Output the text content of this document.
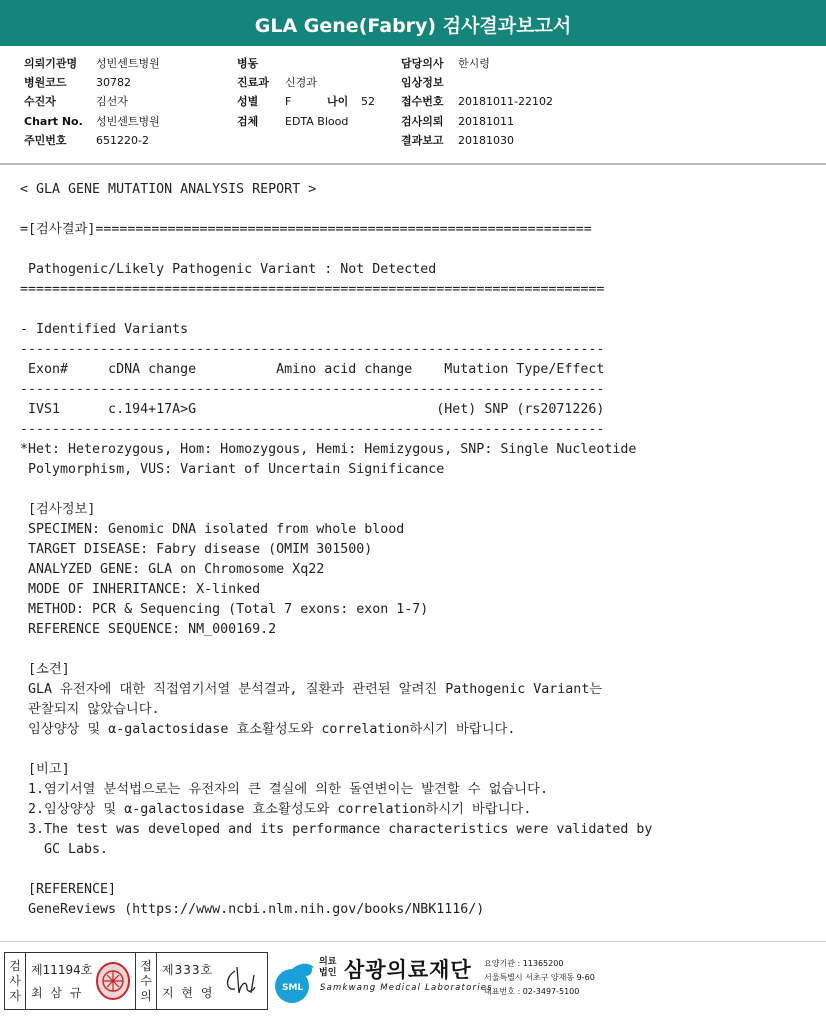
GLA Gene(Fabry) 검사결과보고서
의뢰기관명 성빈센트병원
병원코드	30782
수진자	김선자
Chart No. 성빈센트병원
주민번호	651220-2
병동
진료과 신경과
성별 F	나이 52
검체 EDTA Blood
담당의사 한시령
임상정보
접수번호 20181011-22102
검사의뢰 20181011
결과보고 20181030
< GLA GENE MUTATION ANALYSIS REPORT >
=[검사결과]==============================================================
Pathogenic/Likely Pathogenic Variant : Not Detected
=========================================================================
- Identified Variants
-------------------------------------------------------------------------
Exon#     cDNA change          Amino acid change    Mutation Type/Effect
-------------------------------------------------------------------------
IVS1      c.194+17A>G                              (Het) SNP (rs2071226)
-------------------------------------------------------------------------
*Het: Heterozygous, Hom: Homozygous, Hemi: Hemizygous, SNP: Single Nucleotide
Polymorphism, VUS: Variant of Uncertain Significance
[검사정보]
SPECIMEN: Genomic DNA isolated from whole blood
TARGET DISEASE: Fabry disease (OMIM 301500)
ANALYZED GENE: GLA on Chromosome Xq22
MODE OF INHERITANCE: X-linked
METHOD: PCR & Sequencing (Total 7 exons: exon 1-7)
REFERENCE SEQUENCE: NM_000169.2
[소견]
GLA 유전자에 대한 직접염기서열 분석결과, 질환과 관련된 알려진 Pathogenic Variant는
관찰되지 않았습니다.
임상양상 및 α-galactosidase 효소활성도와 correlation하시기 바랍니다.
[비고]
1.염기서열 분석법으로는 유전자의 큰 결실에 의한 돌연변이는 발견할 수 없습니다.
2.임상양상 및 α-galactosidase 효소활성도와 correlation하시기 바랍니다.
3.The test was developed and its performance characteristics were validated by
GC Labs.
[REFERENCE]
GeneReviews (https://www.ncbi.nlm.nih.gov/books/NBK1116/)
검
사
자
제11194호
최 삼 규
접
수
의
제333호
지 현 영	SML
의료
법인 삼광의료재단
Samkwang Medical Laboratories
요양기관 : 11365200
서울특별시 서초구 양재동 9-60
대표번호 : 02-3497-5100
